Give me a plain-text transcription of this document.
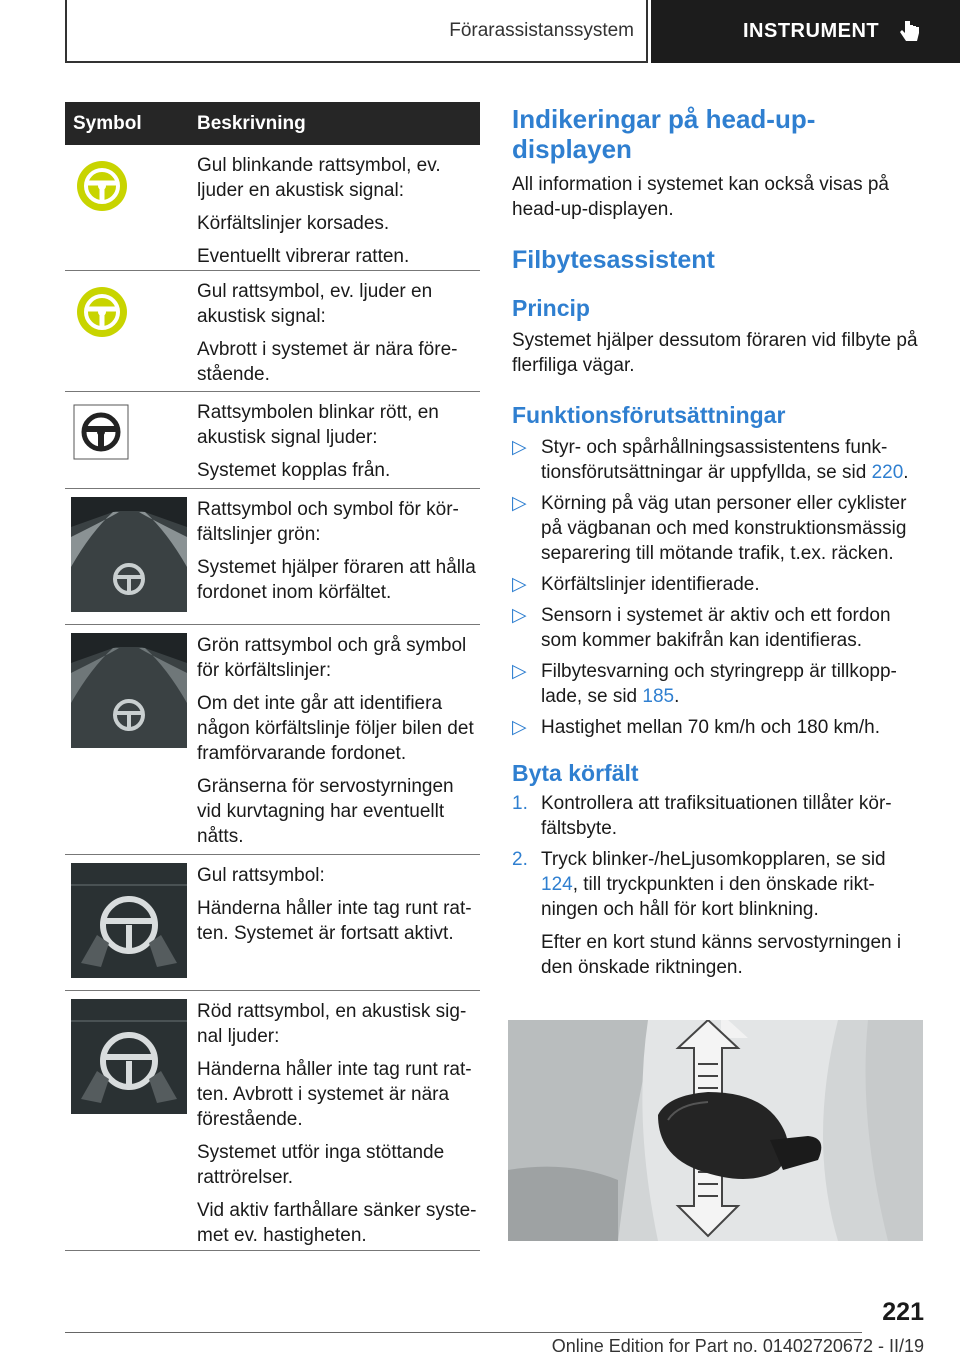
Förarassistanssystem	INSTRUMENT
Symbol	Beskrivning

Gul blinkande rattsymbol, ev. ljuder en akustisk signal:

Körfältslinjer korsades.

Eventuellt vibrerar ratten.

Gul rattsymbol, ev. ljuder en akustisk signal:

Avbrott i systemet är nära före-stående.

Rattsymbolen blinkar rött, en akustisk signal ljuder:

Systemet kopplas från.

Rattsymbol och symbol för kör-fältslinjer grön:

Systemet hjälper föraren att hålla fordonet inom körfältet.

Grön rattsymbol och grå symbol för körfältslinjer:

Om det inte går att identifiera någon körfältslinje följer bilen det framförvarande fordonet.

Gränserna för servostyrningen vid kurvtagning har eventuellt nåtts.

Gul rattsymbol:

Händerna håller inte tag runt rat-ten. Systemet är fortsatt aktivt.

Röd rattsymbol, en akustisk sig-nal ljuder:

Händerna håller inte tag runt rat-ten. Avbrott i systemet är nära förestående.

Systemet utför inga stöttande rattrörelser.

Vid aktiv farthållare sänker syste-met ev. hastigheten.

Indikeringar på head-up-displayen

All information i systemet kan också visas på head-up-displayen.

Filbytesassistent
Princip

Systemet hjälper dessutom föraren vid filbyte på flerfiliga vägar.

Funktionsförutsättningar
▷ Styr- och spårhållningsassistentens funk-tionsförutsättningar är uppfyllda, se sid 220.
▷ Körning på väg utan personer eller cyklister på vägbanan och med konstruktionsmässig separering till mötande trafik, t.ex. räcken.
▷ Körfältslinjer identifierade.
▷ Sensorn i systemet är aktiv och ett fordon som kommer bakifrån kan identifieras.
▷ Filbytesvarning och styringrepp är tillkopp-lade, se sid 185.
▷ Hastighet mellan 70 km/h och 180 km/h.
Byta körfält
1. Kontrollera att trafiksituationen tillåter kör-fältsbyte.
2. Tryck blinker-/heLjusomkopplaren, se sid 124, till tryckpunkten i den önskade rikt-ningen och håll för kort blinkning.
Efter en kort stund känns servostyrningen i den önskade riktningen.
221
Online Edition for Part no. 01402720672 - II/19
